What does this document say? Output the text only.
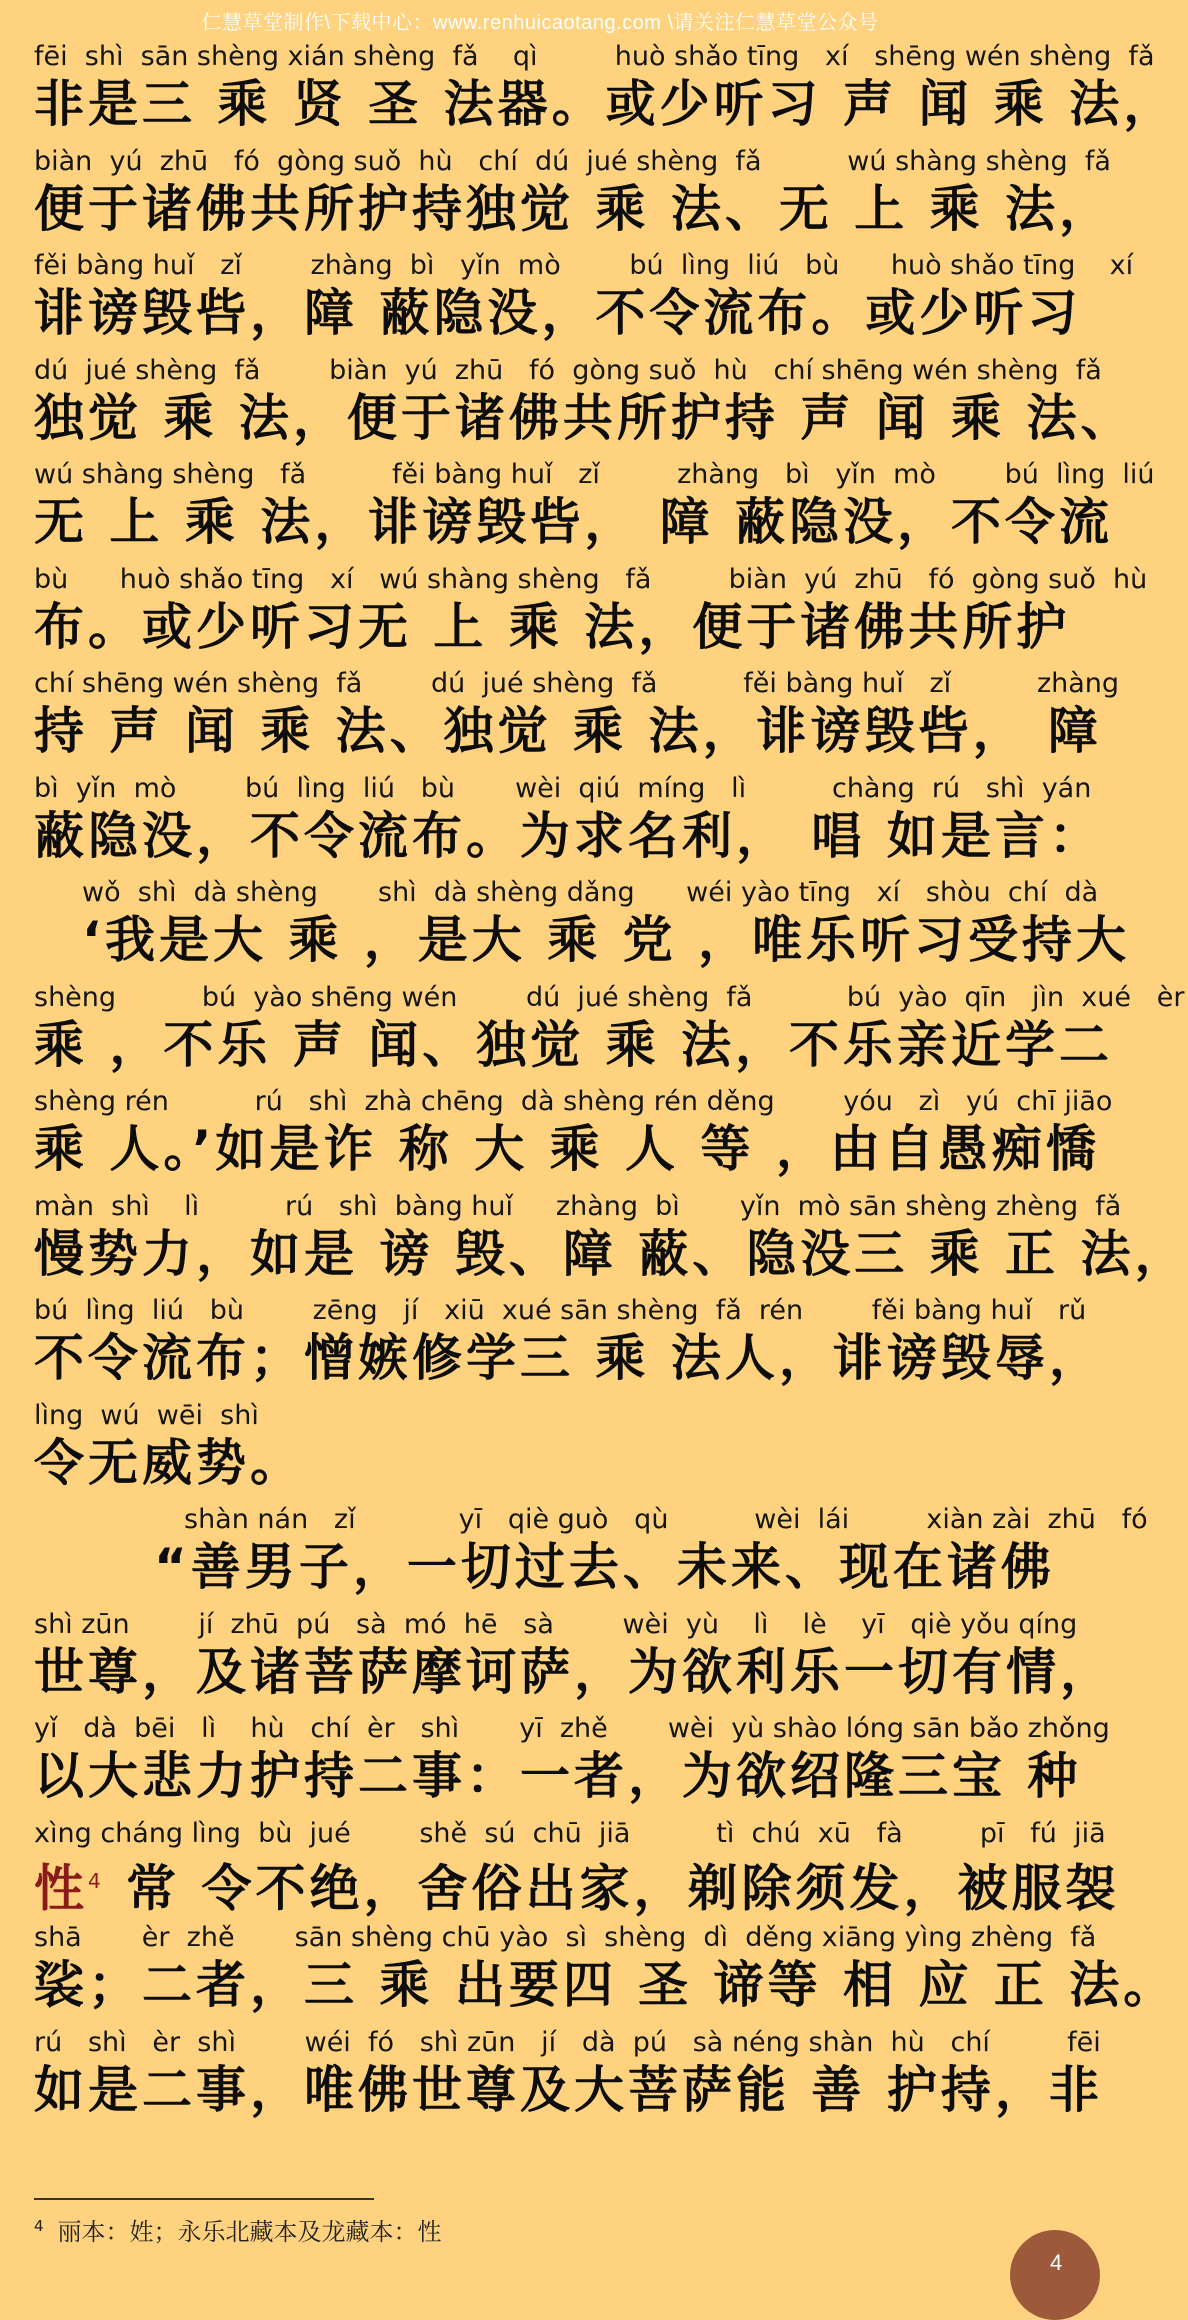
仁慧草堂制作\下载中心：www.renhuicaotang.com \请关注仁慧草堂公众号
fēi  shì  sān shèng xián shèng  fǎ    qì         huò shǎo tīng   xí   shēng wén shèng  fǎ
非是三 乘 贤 圣 法器。或少听习 声 闻 乘 法，
biàn  yú  zhū   fó  gòng suǒ  hù   chí  dú  jué shèng  fǎ          wú shàng shèng  fǎ
便于诸佛共所护持独觉 乘 法、无 上 乘 法，
fěi bàng huǐ   zǐ        zhàng  bì   yǐn  mò        bú  lìng  liú   bù      huò shǎo tīng    xí
诽谤毁呰，障 蔽隐没，不令流布。或少听习
dú  jué shèng  fǎ        biàn  yú  zhū   fó  gòng suǒ  hù   chí shēng wén shèng  fǎ
独觉 乘 法，便于诸佛共所护持 声 闻 乘 法、
wú shàng shèng   fǎ          fěi bàng huǐ   zǐ         zhàng   bì   yǐn  mò        bú  lìng  liú
无 上 乘 法，诽谤毁呰， 障 蔽隐没，不令流
bù      huò shǎo tīng   xí   wú shàng shèng   fǎ         biàn  yú  zhū   fó  gòng suǒ  hù
布。或少听习无 上 乘 法，便于诸佛共所护
chí shēng wén shèng  fǎ        dú  jué shèng  fǎ          fěi bàng huǐ   zǐ          zhàng
持 声 闻 乘 法、独觉 乘 法，诽谤毁呰， 障
bì  yǐn  mò        bú  lìng  liú   bù       wèi  qiú  míng   lì          chàng  rú   shì  yán
蔽隐没，不令流布。为求名利， 唱 如是言：
wǒ  shì  dà shèng       shì  dà shèng dǎng      wéi yào tīng   xí   shòu  chí  dà
‘我是大 乘 ，是大 乘 党 ，唯乐听习受持大
shèng          bú  yào shēng wén        dú  jué shèng  fǎ           bú  yào  qīn   jìn  xué   èr
乘 ，不乐 声 闻、独觉 乘 法，不乐亲近学二
shèng rén          rú   shì  zhà chēng  dà shèng rén děng        yóu   zì   yú  chī jiāo
乘 人。’如是诈 称 大 乘 人 等 ，由自愚痴憍
màn  shì    lì          rú   shì  bàng huǐ     zhàng  bì       yǐn  mò sān shèng zhèng  fǎ
慢势力，如是 谤 毁、障 蔽、隐没三 乘 正 法，
bú  lìng  liú   bù        zēng   jí   xiū  xué sān shèng  fǎ  rén        fěi bàng huǐ   rǔ
不令流布；憎嫉修学三 乘 法人，诽谤毁辱，
lìng  wú  wēi  shì
令无威势。
shàn nán   zǐ            yī   qiè guò   qù          wèi  lái         xiàn zài  zhū   fó
“善男子，一切过去、未来、现在诸佛
shì zūn        jí  zhū  pú   sà  mó  hē   sà        wèi  yù    lì    lè    yī   qiè yǒu qíng
世尊，及诸菩萨摩诃萨，为欲利乐一切有情，
yǐ   dà  bēi   lì    hù   chí  èr   shì       yī  zhě       wèi  yù shào lóng sān bǎo zhǒng
以大悲力护持二事：一者，为欲绍隆三宝 种
xìng cháng lìng  bù  jué        shě  sú  chū  jiā          tì  chú  xū   fà         pī   fú  jiā
性$^4$ 常 令不绝，舍俗出家，剃除须发，被服袈
shā       èr  zhě       sān shèng chū yào  sì  shèng  dì  děng xiāng yìng zhèng  fǎ
裟；二者，三 乘 出要四 圣 谛等 相 应 正 法。
rú   shì   èr  shì        wéi  fó   shì zūn   jí   dà  pú   sà néng shàn  hù   chí         fēi
如是二事，唯佛世尊及大菩萨能 善 护持，非
$^4$ 丽本：姓；永乐北藏本及龙藏本：性
4
